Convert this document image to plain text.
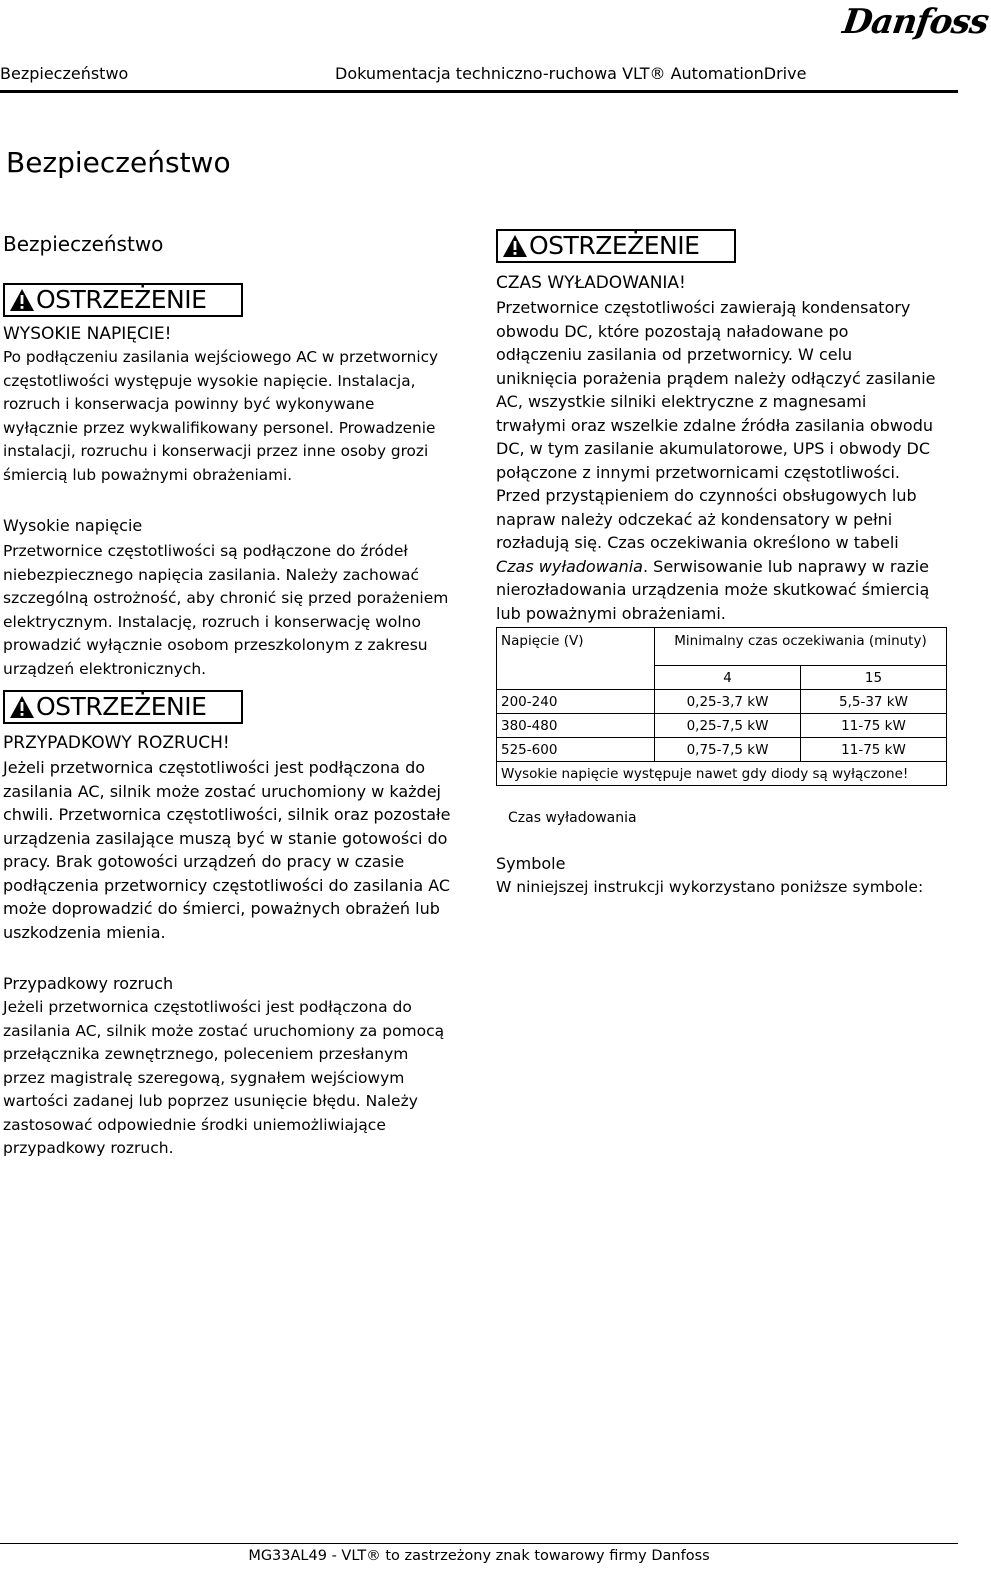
Danfoss
Bezpieczeństwo	Dokumentacja techniczno-ruchowa VLT® AutomationDrive
Bezpieczeństwo
Bezpieczeństwo
OSTRZEŻENIE
WYSOKIE NAPIĘCIE!

Po podłączeniu zasilania wejściowego AC w przetwornicy częstotliwości występuje wysokie napięcie. Instalacja, rozruch i konserwacja powinny być wykonywane wyłącznie przez wykwalifikowany personel. Prowadzenie instalacji, rozruchu i konserwacji przez inne osoby grozi śmiercią lub poważnymi obrażeniami.

Wysokie napięcie

Przetwornice częstotliwości są podłączone do źródeł niebezpiecznego napięcia zasilania. Należy zachować szczególną ostrożność, aby chronić się przed porażeniem elektrycznym. Instalację, rozruch i konserwację wolno prowadzić wyłącznie osobom przeszkolonym z zakresu urządzeń elektronicznych.

OSTRZEŻENIE
PRZYPADKOWY ROZRUCH!

Jeżeli przetwornica częstotliwości jest podłączona do zasilania AC, silnik może zostać uruchomiony w każdej chwili. Przetwornica częstotliwości, silnik oraz pozostałe urządzenia zasilające muszą być w stanie gotowości do pracy. Brak gotowości urządzeń do pracy w czasie podłączenia przetwornicy częstotliwości do zasilania AC może doprowadzić do śmierci, poważnych obrażeń lub uszkodzenia mienia.

Przypadkowy rozruch

Jeżeli przetwornica częstotliwości jest podłączona do zasilania AC, silnik może zostać uruchomiony za pomocą przełącznika zewnętrznego, poleceniem przesłanym przez magistralę szeregową, sygnałem wejściowym wartości zadanej lub poprzez usunięcie błędu. Należy zastosować odpowiednie środki uniemożliwiające przypadkowy rozruch.

OSTRZEŻENIE
CZAS WYŁADOWANIA!

Przetwornice częstotliwości zawierają kondensatory obwodu DC, które pozostają naładowane po odłączeniu zasilania od przetwornicy. W celu uniknięcia porażenia prądem należy odłączyć zasilanie AC, wszystkie silniki elektryczne z magnesami trwałymi oraz wszelkie zdalne źródła zasilania obwodu DC, w tym zasilanie akumulatorowe, UPS i obwody DC połączone z innymi przetwornicami częstotliwości. Przed przystąpieniem do czynności obsługowych lub napraw należy odczekać aż kondensatory w pełni rozładują się. Czas oczekiwania określono w tabeli Czas wyładowania. Serwisowanie lub naprawy w razie nierozładowania urządzenia może skutkować śmiercią lub poważnymi obrażeniami.

Napięcie (V)	Minimalny czas oczekiwania (minuty)	
	4	15
200-240	0,25-3,7 kW	5,5-37 kW
380-480	0,25-7,5 kW	11-75 kW
525-600	0,75-7,5 kW	11-75 kW
Wysokie napięcie występuje nawet gdy diody są wyłączone!		
Czas wyładowania
Symbole
W niniejszej instrukcji wykorzystano poniższe symbole:
MG33AL49 - VLT® to zastrzeżony znak towarowy firmy Danfoss
